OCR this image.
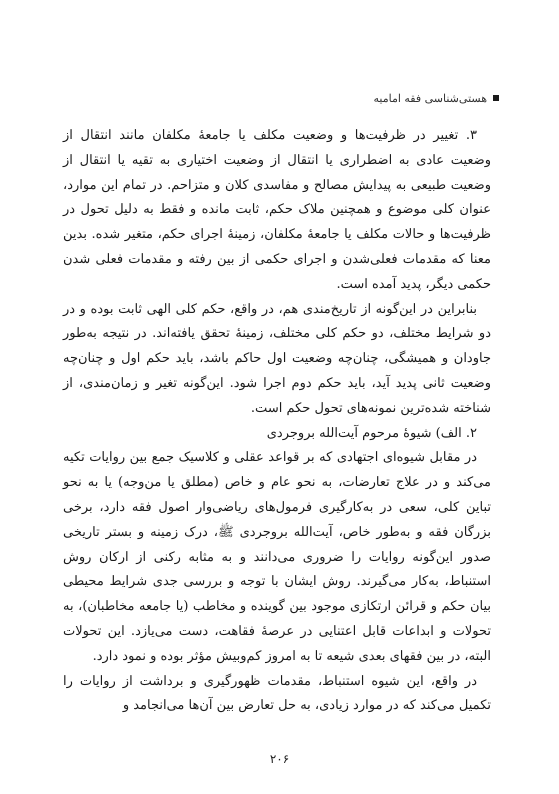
هستی‌شناسی فقه امامیه

۳. تغییر در ظرفیت‌ها و وضعیت مکلف یا جامعهٔ مکلفان مانند انتقال از وضعیت عادی به اضطراری یا انتقال از وضعیت اختیاری به تقیه یا انتقال از وضعیت طبیعی به پیدایش مصالح و مفاسدی کلان و متزاحم. در تمام این موارد، عنوان کلی موضوع و همچنین ملاک حکم، ثابت مانده و فقط به دلیل تحول در ظرفیت‌ها و حالات مکلف یا جامعهٔ مکلفان، زمینهٔ اجرای حکم، متغیر شده. بدین معنا که مقدمات فعلی‌شدن و اجرای حکمی از بین رفته و مقدمات فعلی شدن حکمی دیگر، پدید آمده است.

بنابراین در این‌گونه از تاریخ‌مندی هم، در واقع، حکم کلی الهی ثابت بوده و در دو شرایط مختلف، دو حکم کلی مختلف، زمینهٔ تحقق یافته‌اند. در نتیجه به‌طور جاودان و همیشگی، چنان‌چه وضعیت اول حاکم باشد، باید حکم اول و چنان‌چه وضعیت ثانی پدید آید، باید حکم دوم اجرا شود. این‌گونه تغیر و زمان‌مندی، از شناخته شده‌ترین نمونه‌های تحول حکم است.

۲. الف) شیوهٔ مرحوم آیت‌الله بروجردی

در مقابل شیوه‌ای اجتهادی که بر قواعد عقلی و کلاسیک جمع بین روایات تکیه می‌کند و در علاج تعارضات، به نحو عام و خاص (مطلق یا من‌وجه) یا به نحو تباین کلی، سعی در به‌کارگیری فرمول‌های ریاضی‌وار اصول فقه دارد، برخی بزرگان فقه و به‌طور خاص، آیت‌الله بروجردی ﷺ، درک زمینه و بستر تاریخی صدور این‌گونه روایات را ضروری می‌دانند و به مثابه رکنی از ارکان روش استنباط، به‌کار می‌گیرند. روش ایشان با توجه و بررسی جدی شرایط محیطی بیان حکم و قرائن ارتکازی موجود بین گوینده و مخاطب (یا جامعه مخاطبان)، به تحولات و ابداعات قابل اعتنایی در عرصهٔ فقاهت، دست می‌یازد. این تحولات البته، در بین فقهای بعدی شیعه تا به امروز کم‌وبیش مؤثر بوده و نمود دارد.

در واقع، این شیوه استنباط، مقدمات ظهورگیری و برداشت از روایات را تکمیل می‌کند که در موارد زیادی، به حل تعارض بین آن‌ها می‌انجامد و

۲۰۶
